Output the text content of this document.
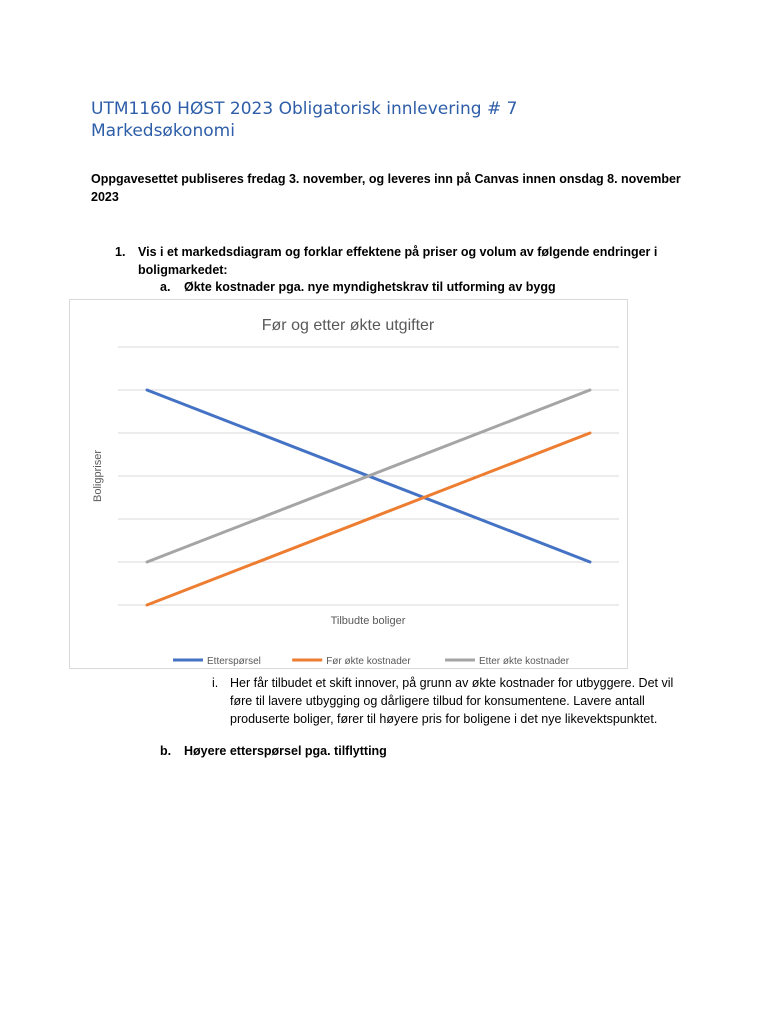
UTM1160 HØST 2023 Obligatorisk innlevering # 7
Markedsøkonomi
Oppgavesettet publiseres fredag 3. november, og leveres inn på Canvas innen onsdag 8. november 2023
1. Vis i et markedsdiagram og forklar effektene på priser og volum av følgende endringer i boligmarkedet:
a. Økte kostnader pga. nye myndighetskrav til utforming av bygg
Før og etter økte utgifter
Boligpriser
Tilbudte boliger
Etterspørsel	Før økte kostnader	Etter økte kostnader
i. Her får tilbudet et skift innover, på grunn av økte kostnader for utbyggere. Det vil føre til lavere utbygging og dårligere tilbud for konsumentene. Lavere antall produserte boliger, fører til høyere pris for boligene i det nye likevektspunktet.
b. Høyere etterspørsel pga. tilflytting
